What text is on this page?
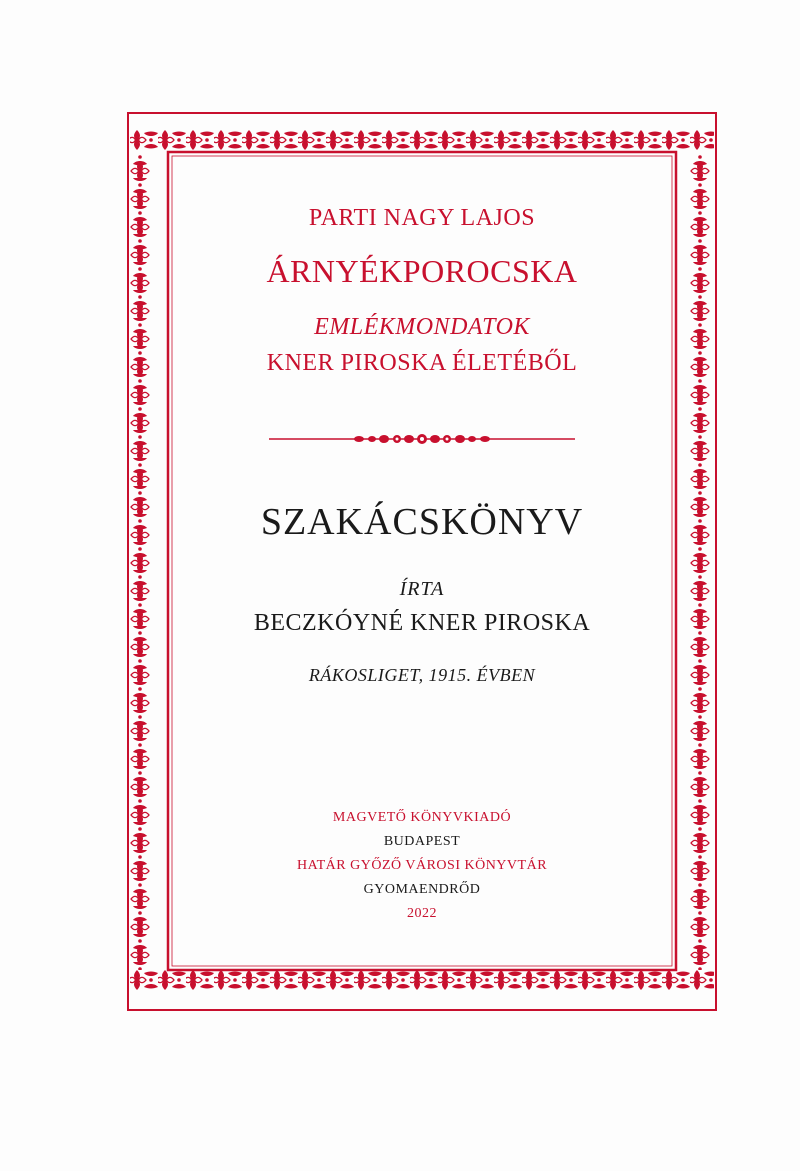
PARTI NAGY LAJOS

ÁRNYÉKPOROCSKA

EMLÉKMONDATOK

KNER PIROSKA ÉLETÉBŐL

SZAKÁCSKÖNYV

ÍRTA

BECZKÓYNÉ KNER PIROSKA

RÁKOSLIGET, 1915. ÉVBEN

MAGVETŐ KÖNYVKIADÓ

BUDAPEST

HATÁR GYŐZŐ VÁROSI KÖNYVTÁR

GYOMAENDRŐD

2022
